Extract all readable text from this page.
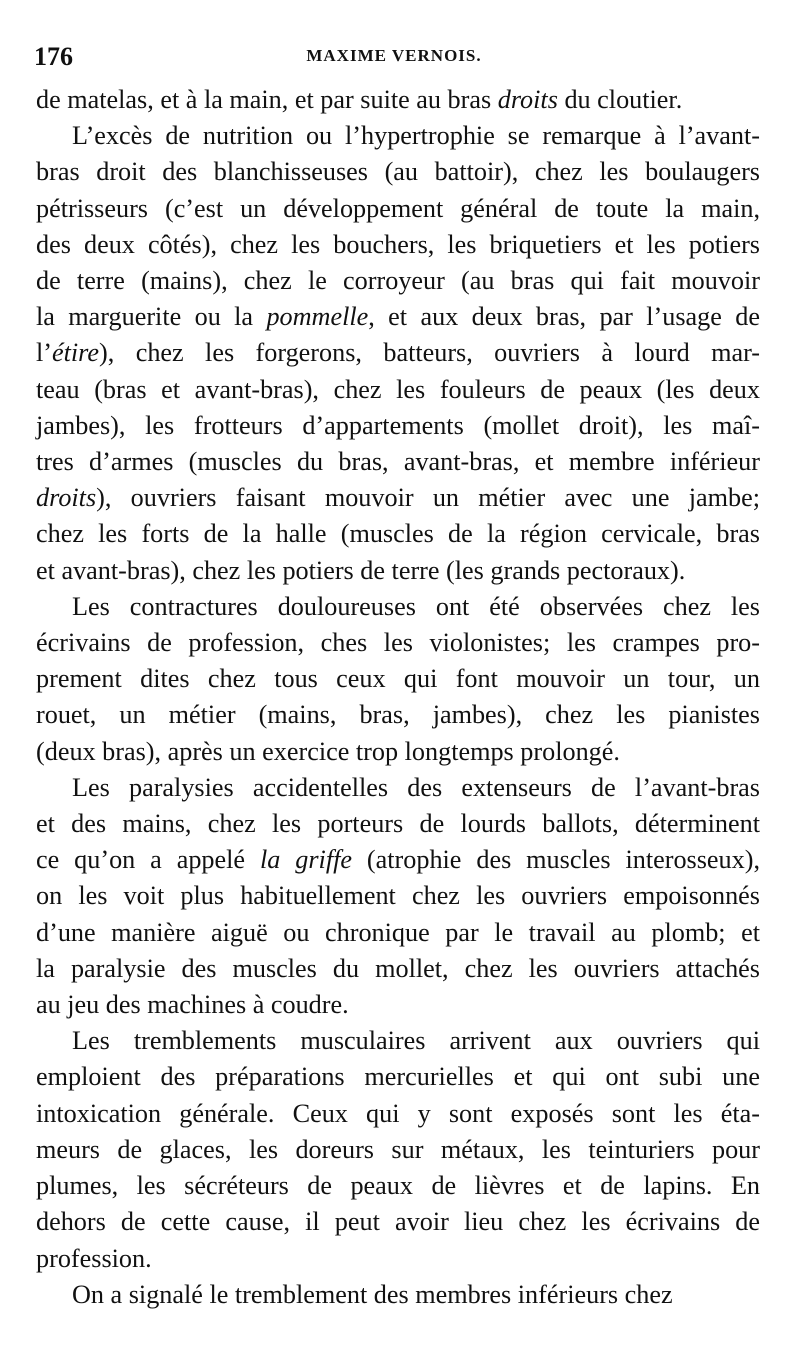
176	MAXIME VERNOIS.
de matelas, et à la main, et par suite au bras droits du cloutier.
L’excès de nutrition ou l’hypertrophie se remarque à l’avant-
bras droit des blanchisseuses (au battoir), chez les boulaugers
pétrisseurs (c’est un développement général de toute la main,
des deux côtés), chez les bouchers, les briquetiers et les potiers
de terre (mains), chez le corroyeur (au bras qui fait mouvoir
la marguerite ou la pommelle, et aux deux bras, par l’usage de
l’étire), chez les forgerons, batteurs, ouvriers à lourd mar-
teau (bras et avant-bras), chez les fouleurs de peaux (les deux
jambes), les frotteurs d’appartements (mollet droit), les maî-
tres d’armes (muscles du bras, avant-bras, et membre inférieur
droits), ouvriers faisant mouvoir un métier avec une jambe;
chez les forts de la halle (muscles de la région cervicale, bras
et avant-bras), chez les potiers de terre (les grands pectoraux).
Les contractures douloureuses ont été observées chez les
écrivains de profession, ches les violonistes; les crampes pro-
prement dites chez tous ceux qui font mouvoir un tour, un
rouet, un métier (mains, bras, jambes), chez les pianistes
(deux bras), après un exercice trop longtemps prolongé.
Les paralysies accidentelles des extenseurs de l’avant-bras
et des mains, chez les porteurs de lourds ballots, déterminent
ce qu’on a appelé la griffe (atrophie des muscles interosseux),
on les voit plus habituellement chez les ouvriers empoisonnés
d’une manière aiguë ou chronique par le travail au plomb; et
la paralysie des muscles du mollet, chez les ouvriers attachés
au jeu des machines à coudre.
Les tremblements musculaires arrivent aux ouvriers qui
emploient des préparations mercurielles et qui ont subi une
intoxication générale. Ceux qui y sont exposés sont les éta-
meurs de glaces, les doreurs sur métaux, les teinturiers pour
plumes, les sécréteurs de peaux de lièvres et de lapins. En
dehors de cette cause, il peut avoir lieu chez les écrivains de
profession.
On a signalé le tremblement des membres inférieurs chez
